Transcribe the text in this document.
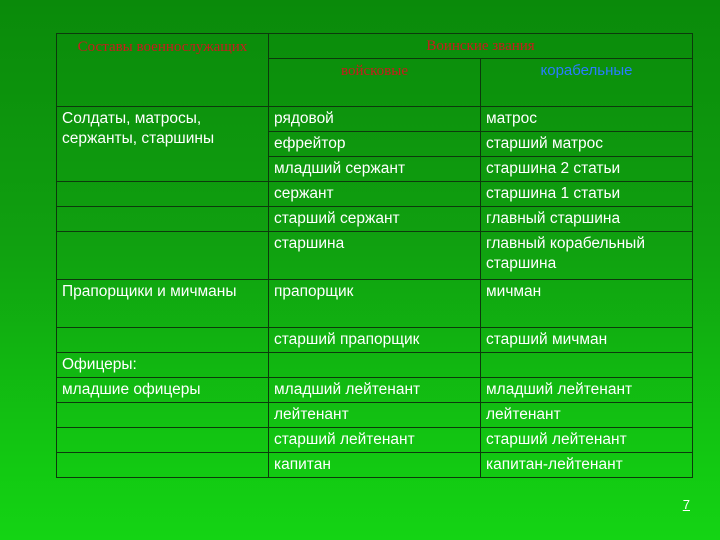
Составы военнослужащих	Воинские звания	
	войсковые	корабельные
Солдаты, матросы, сержанты, старшины	рядовой	матрос
	ефрейтор	старший матрос
	младший сержант	старшина 2 статьи
	сержант	старшина 1 статьи
	старший сержант	главный старшина
	старшина	главный корабельный старшина
Прапорщики и мичманы	прапорщик	мичман
	старший прапорщик	старший мичман
Офицеры:		
младшие офицеры	младший лейтенант	младший лейтенант
	лейтенант	лейтенант
	старший лейтенант	старший лейтенант
	капитан	капитан-лейтенант
7
